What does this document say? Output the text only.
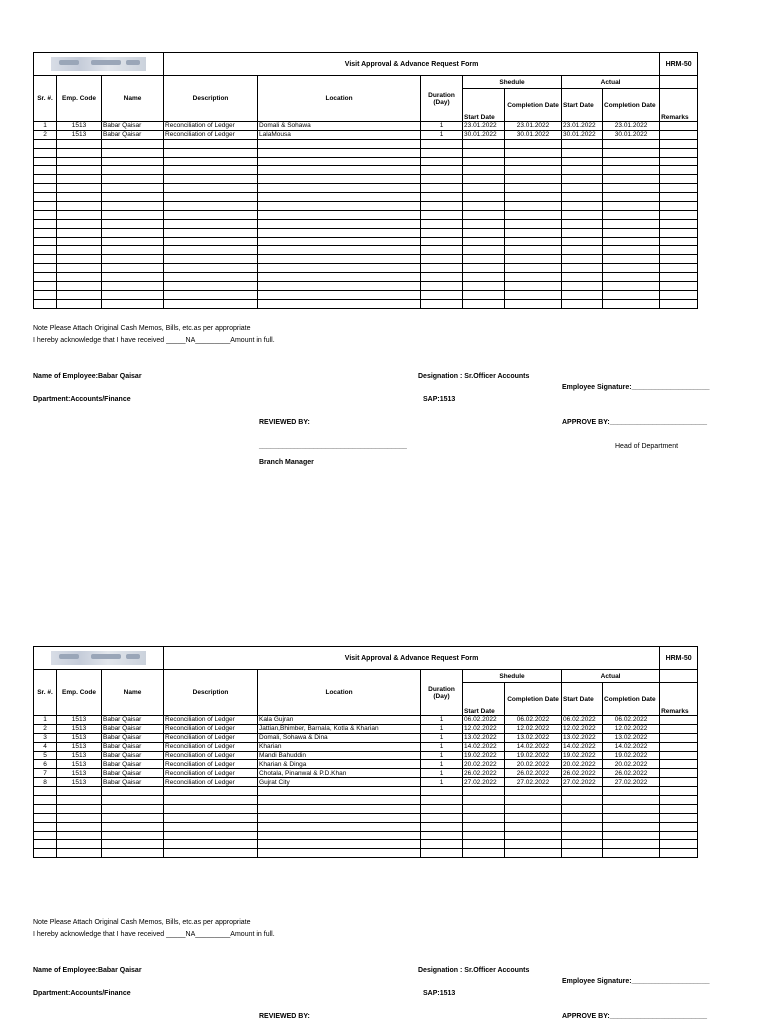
			Visit Approval & Advance Request Form							HRM-50
Sr. #.	Emp. Code	Name	Description	Location	Duration (Day)	Shedule		Actual		
						Start Date	Completion Date	Start Date	Completion Date	Remarks
1	1513	Babar Qaisar	Reconciliation of Ledger	Domali & Sohawa	1	23.01.2022	23.01.2022	23.01.2022	23.01.2022	
2	1513	Babar Qaisar	Reconciliation of Ledger	LalaMousa	1	30.01.2022	30.01.2022	30.01.2022	30.01.2022	

Note Please Attach Original Cash Memos, Bills, etc.as per appropriate
I hereby acknowledge that I have received _____NA_________Amount in full.
Name of Employee:Babar Qaisar	Designation : Sr.Officer Accounts
Employee Signature:____________________
Dpartment:Accounts/Finance	SAP:1513
REVIEWED BY:	APPROVE BY:_________________________
______________________________________	Head of Department
Branch Manager
			Visit Approval & Advance Request Form							HRM-50
Sr. #.	Emp. Code	Name	Description	Location	Duration (Day)	Shedule		Actual		
						Start Date	Completion Date	Start Date	Completion Date	Remarks
1	1513	Babar Qaisar	Reconciliation of Ledger	Kala Gujran	1	06.02.2022	06.02.2022	06.02.2022	06.02.2022	
2	1513	Babar Qaisar	Reconciliation of Ledger	Jattian,Bhimber, Barnala, Kotla & Kharian	1	12.02.2022	12.02.2022	12.02.2022	12.02.2022	
3	1513	Babar Qaisar	Reconciliation of Ledger	Domali, Sohawa & Dina	1	13.02.2022	13.02.2022	13.02.2022	13.02.2022	
4	1513	Babar Qaisar	Reconciliation of Ledger	Kharian	1	14.02.2022	14.02.2022	14.02.2022	14.02.2022	
5	1513	Babar Qaisar	Reconciliation of Ledger	Mandi Bahuddin	1	19.02.2022	19.02.2022	19.02.2022	19.02.2022	
6	1513	Babar Qaisar	Reconciliation of Ledger	Kharian & Dinga	1	20.02.2022	20.02.2022	20.02.2022	20.02.2022	
7	1513	Babar Qaisar	Reconciliation of Ledger	Chotala, Pinanwal & P.D.Khan	1	26.02.2022	26.02.2022	26.02.2022	26.02.2022	
8	1513	Babar Qaisar	Reconciliation of Ledger	Gujrat City	1	27.02.2022	27.02.2022	27.02.2022	27.02.2022	

Note Please Attach Original Cash Memos, Bills, etc.as per appropriate
I hereby acknowledge that I have received _____NA_________Amount in full.
Name of Employee:Babar Qaisar	Designation : Sr.Officer Accounts
Employee Signature:____________________
Dpartment:Accounts/Finance	SAP:1513
REVIEWED BY:	APPROVE BY:_________________________
